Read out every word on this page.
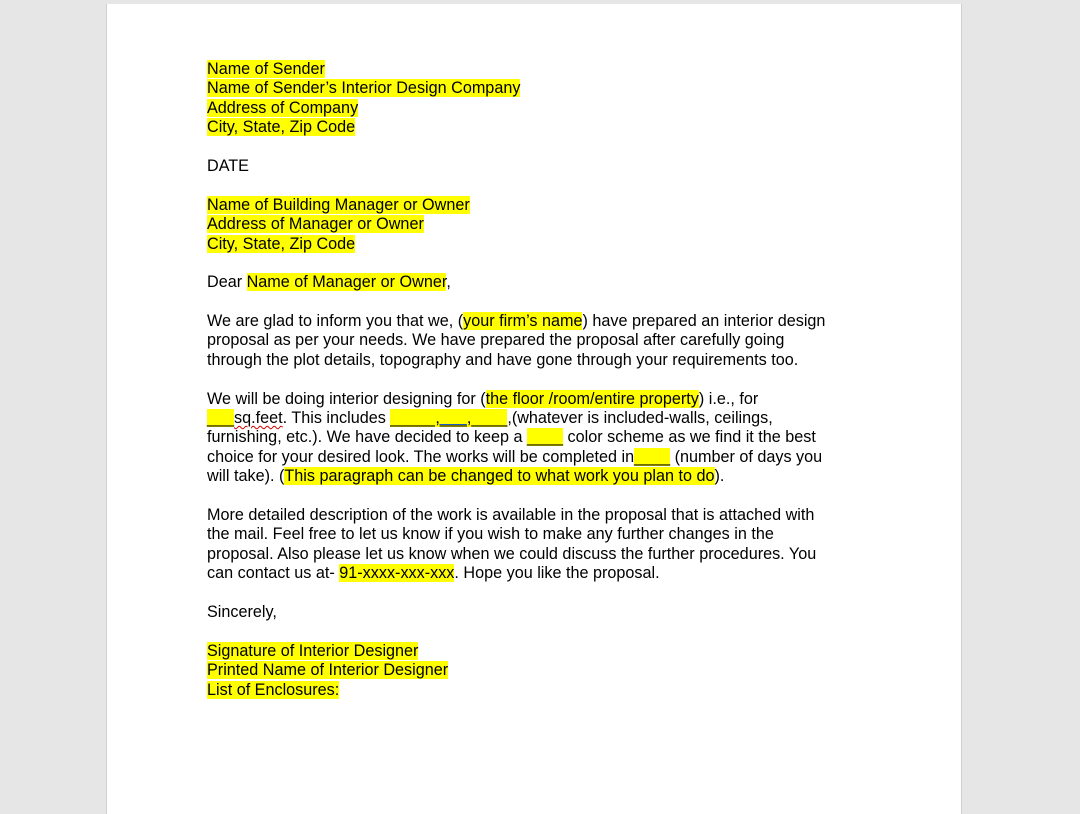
Name of Sender
Name of Sender’s Interior Design Company
Address of Company
City, State, Zip Code
DATE
Name of Building Manager or Owner
Address of Manager or Owner
City, State, Zip Code
Dear Name of Manager or Owner,
We are glad to inform you that we, (your firm’s name) have prepared an interior design
proposal as per your needs. We have prepared the proposal after carefully going
through the plot details, topography and have gone through your requirements too.
We will be doing interior designing for (the floor /room/entire property) i.e., for
___sq.feet. This includes _____,___,____,(whatever is included-walls, ceilings,
furnishing, etc.). We have decided to keep a ____ color scheme as we find it the best
choice for your desired look. The works will be completed in____ (number of days you
will take). (This paragraph can be changed to what work you plan to do).
More detailed description of the work is available in the proposal that is attached with
the mail. Feel free to let us know if you wish to make any further changes in the
proposal. Also please let us know when we could discuss the further procedures. You
can contact us at- 91-xxxx-xxx-xxx. Hope you like the proposal.
Sincerely,
Signature of Interior Designer
Printed Name of Interior Designer
List of Enclosures:
